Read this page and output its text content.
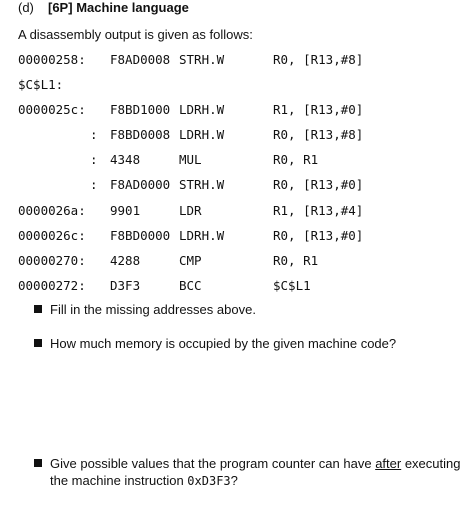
(d) [6P] Machine language
A disassembly output is given as follows:
00000258: F8AD0008 STRH.W	R0, [R13,#8]
$C$L1:
0000025c: F8BD1000 LDRH.W	R1, [R13,#0]
: F8BD0008 LDRH.W	R0, [R13,#8]
: 4348	MUL	R0, R1
: F8AD0000 STRH.W	R0, [R13,#0]
0000026a: 9901	LDR	R1, [R13,#4]
0000026c: F8BD0000 LDRH.W	R0, [R13,#0]
00000270: 4288	CMP	R0, R1
00000272: D3F3	BCC	$C$L1
Fill in the missing addresses above.
How much memory is occupied by the given machine code?
Give possible values that the program counter can have after executing
the machine instruction 0xD3F3?
